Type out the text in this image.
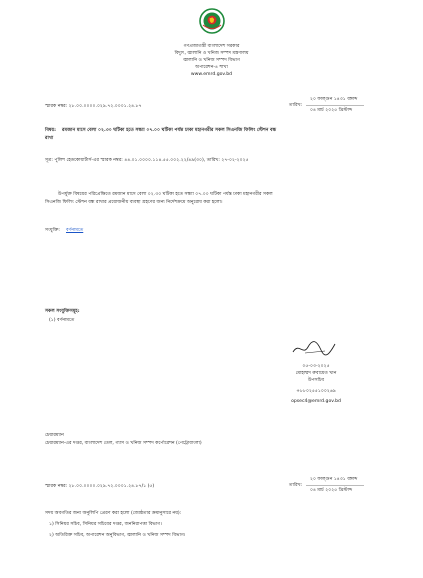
গণপ্রজাতন্ত্রী বাংলাদেশ সরকার
বিদ্যুৎ, জ্বালানি ও খনিজ সম্পদ মন্ত্রণালয়
জ্বালানি ও খনিজ সম্পদ বিভাগ
অপারেশন-৪ শাখা
www.emrd.gov.bd
স্মারক নম্বর: ২৮.০০.০০০০.০২৯.৭২.০০০১.২৪.৮৭	তারিখ:
২০ ফাল্গুন ১৪৩১ বঙ্গাব্দ
০৪ মার্চ ২০২৫ খ্রিস্টাব্দ
বিষয়: রমজান মাসে বেলা ০২.৩০ ঘটিকা হতে সন্ধ্যা ০৭.০০ ঘটিকা পর্যন্ত ঢাকা মহানগরীর সকল সিএনজি ফিলিং স্টেশন বন্ধ
রাখা
সূত্র: পুলিশ হেডকোয়ার্টার্স-এর স্মারক নম্বর: ৪৪.০১.০০০০.১১৪.৫৫.০০২.২২/৪৯(৩০), তারিখ: ২৭-০২-২০২৫
উপর্যুক্ত বিষয়ের পরিপ্রেক্ষিতে রমজান মাসে বেলা ০২.৩০ ঘটিকা হতে সন্ধ্যা ০৭.০০ ঘটিকা পর্যন্ত ঢাকা মহানগরীর সকল
সিএনজি ফিলিং স্টেশন বন্ধ রাখার প্রয়োজনীয় ব্যবস্থা গ্রহণের জন্য নির্দেশক্রমে অনুরোধ করা হলো।
সংযুক্তি: বর্ণনামতে
সকল সংযুক্তিসমূহ:
(১) বর্ণনামতে
০৫-০৩-২০২৫
মোহাম্মদ রুবায়েত খান
উপসচিব
+৮৮০২৫৫১০০২৬৯
opsec4@emrd.gov.bd
চেয়ারম্যান
চেয়ারম্যান-এর দপ্তর, বাংলাদেশ তেল, গ্যাস ও খনিজ সম্পদ কর্পোরেশন (পেট্রোবাংলা)
স্মারক নম্বর: ২৮.০০.০০০০.০২৯.৭২.০০০১.২৪.৮৭/১ (৫)	তারিখ:
২০ ফাল্গুন ১৪৩১ বঙ্গাব্দ
০৪ মার্চ ২০২৫ খ্রিস্টাব্দ
সদয় অবগতির জন্য অনুলিপি প্রেরণ করা হলো (জ্যেষ্ঠতার ক্রমানুসারে নয়):
১) সিনিয়র সচিব, সিনিয়র সচিবের দপ্তর, জননিরাপত্তা বিভাগ।
২) অতিরিক্ত সচিব, অপারেশন অনুবিভাগ, জ্বালানি ও খনিজ সম্পদ বিভাগ।
